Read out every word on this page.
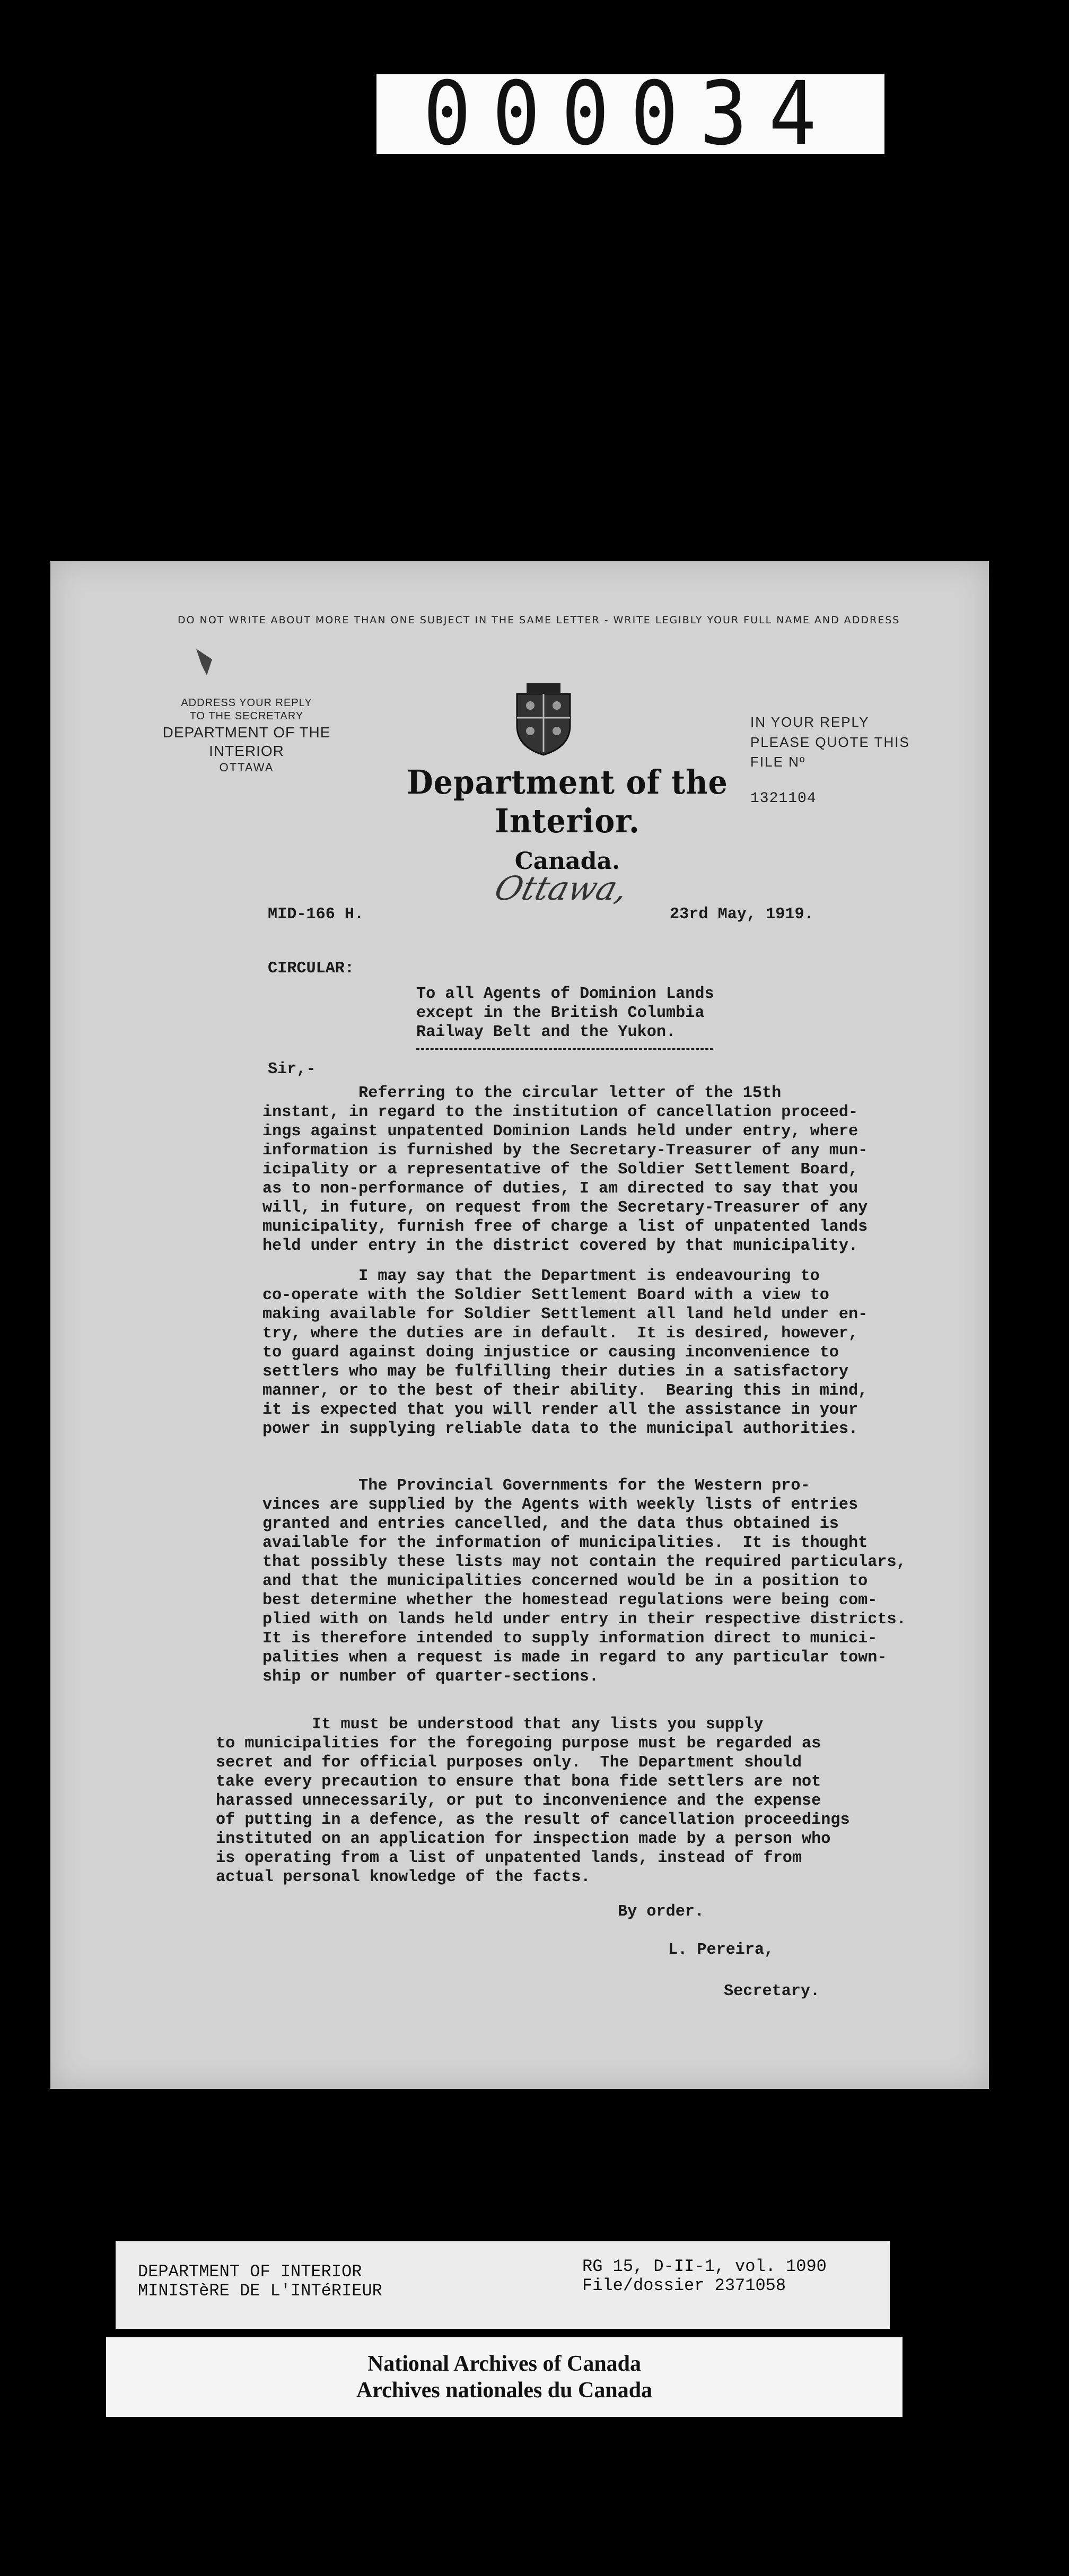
000034
DO NOT WRITE ABOUT MORE THAN ONE SUBJECT IN THE SAME LETTER - WRITE LEGIBLY YOUR FULL NAME AND ADDRESS
ADDRESS YOUR REPLY
TO THE SECRETARY
DEPARTMENT OF THE INTERIOR
OTTAWA	Department of the Interior.
Canada.
IN YOUR REPLY
PLEASE QUOTE THIS
FILE Nº
1321104
MID-166 H.
Ottawa,
23rd May, 1919.
CIRCULAR:
To all Agents of Dominion Lands
except in the British Columbia
Railway Belt and the Yukon.
Sir,-
Referring to the circular letter of the 15th
instant, in regard to the institution of cancellation proceed-
ings against unpatented Dominion Lands held under entry, where
information is furnished by the Secretary-Treasurer of any mun-
icipality or a representative of the Soldier Settlement Board,
as to non-performance of duties, I am directed to say that you
will, in future, on request from the Secretary-Treasurer of any
municipality, furnish free of charge a list of unpatented lands
held under entry in the district covered by that municipality.
I may say that the Department is endeavouring to
co-operate with the Soldier Settlement Board with a view to
making available for Soldier Settlement all land held under en-
try, where the duties are in default.  It is desired, however,
to guard against doing injustice or causing inconvenience to
settlers who may be fulfilling their duties in a satisfactory
manner, or to the best of their ability.  Bearing this in mind,
it is expected that you will render all the assistance in your
power in supplying reliable data to the municipal authorities.
The Provincial Governments for the Western pro-
vinces are supplied by the Agents with weekly lists of entries
granted and entries cancelled, and the data thus obtained is
available for the information of municipalities.  It is thought
that possibly these lists may not contain the required particulars,
and that the municipalities concerned would be in a position to
best determine whether the homestead regulations were being com-
plied with on lands held under entry in their respective districts.
It is therefore intended to supply information direct to munici-
palities when a request is made in regard to any particular town-
ship or number of quarter-sections.
It must be understood that any lists you supply
to municipalities for the foregoing purpose must be regarded as
secret and for official purposes only.  The Department should
take every precaution to ensure that bona fide settlers are not
harassed unnecessarily, or put to inconvenience and the expense
of putting in a defence, as the result of cancellation proceedings
instituted on an application for inspection made by a person who
is operating from a list of unpatented lands, instead of from
actual personal knowledge of the facts.
By order.
L. Pereira,
Secretary.
DEPARTMENT OF INTERIOR
MINISTèRE DE L'INTéRIEUR
RG 15, D-II-1, vol. 1090
File/dossier 2371058
National Archives of Canada
Archives nationales du Canada
